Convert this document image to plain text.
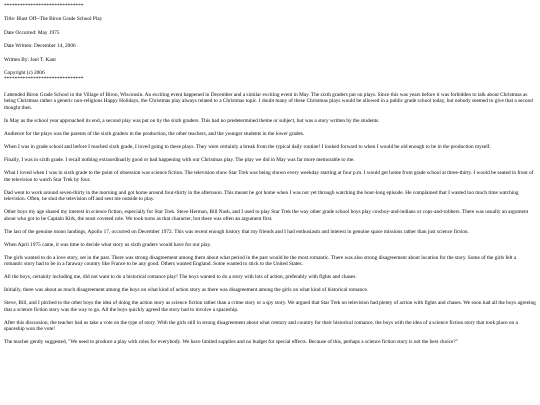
******************************
Title: Blast Off--The Biron Grade School Play
Date Occurred: May 1975
Date Written: December 14, 2006
Written By: Joel T. Kant
Copyright (c) 2006
******************************

I attended Biron Grade School in the Village of Biron, Wisconsin. An exciting event happened in December and a similar exciting event in May. The sixth graders put on plays. Since this was years before it was forbidden to talk about Christmas as being Christmas rather a generic non-religious Happy Holidays, the Christmas play always related to a Christmas topic. I doubt many of these Christmas plays would be allowed in a public grade school today, but nobody seemed to give that a second thought then.

In May as the school year approached its end, a second play was put on by the sixth graders. This had no predetermined theme or subject, but was a story written by the students.

Audience for the plays was the parents of the sixth graders in the production, the other teachers, and the younger students in the lower grades.

When I was in grade school and before I reached sixth grade, I loved going to these plays. They were certainly a break from the typical daily routine! I looked forward to when I would be old enough to be in the production myself.

Finally, I was in sixth grade. I recall nothing extraordinarily good or bad happening with our Christmas play. The play we did in May was far more memorable to me.

What I loved when I was in sixth grade to the point of obsession was science fiction. The television show Star Trek was being shown every weekday starting at four p.m. I would get home from grade school at three-thirty. I would be seated in front of the television to watch Star Trek by four.

Dad went to work around seven-thirty in the morning and got home around four-thirty in the afternoon. This meant he got home when I was not yet through watching the hour-long episode. He complained that I wasted too much time watching television. Often, he shut the television off and sent me outside to play.

Other boys my age shared my interest in science fiction, especially for Star Trek. Steve Herman, Bill Nash, and I used to play Star Trek the way other grade school boys play cowboy-and-indians or cops-and-robbers. There was usually an argument about who got to be Captain Kirk, the most coveted role. We took turns as that character, but there was often an argument first.

The last of the genuine moon landings, Apollo 17, occurred on December 1972. This was recent enough history that my friends and I had enthusiasm and interest in genuine space missions rather than just science fiction.

When April 1975 came, it was time to decide what story us sixth graders would have for our play.

The girls wanted to do a love story, set in the past. There was strong disagreement among them about what period in the past would be the most romantic. There was also strong disagreement about location for the story. Some of the girls felt a romantic story had to be in a faraway country like France to be any good. Others wanted England. Some wanted to stick to the United States.

All the boys, certainly including me, did not want to do a historical romance play! The boys wanted to do a story with lots of action, preferably with fights and chases.

Initially, there was about as much disagreement among the boys on what kind of action story as there was disagreement among the girls on what kind of historical romance.

Steve, Bill, and I pitched to the other boys the idea of doing the action story as science fiction rather than a crime story or a spy story. We argued that Star Trek on television had plenty of action with fights and chases. We soon had all the boys agreeing that a science fiction story was the way to go. All the boys quickly agreed the story had to involve a spaceship.

After this discussion, the teacher had us take a vote on the type of story. With the girls still in strong disagreement about what century and country for their historical romance, the boys with the idea of a science fiction story that took place on a spaceship won the vote!

The teacher gently suggested, "We need to produce a play with roles for everybody. We have limited supplies and no budget for special effects. Because of this, perhaps a science fiction story is not the best choice?"
